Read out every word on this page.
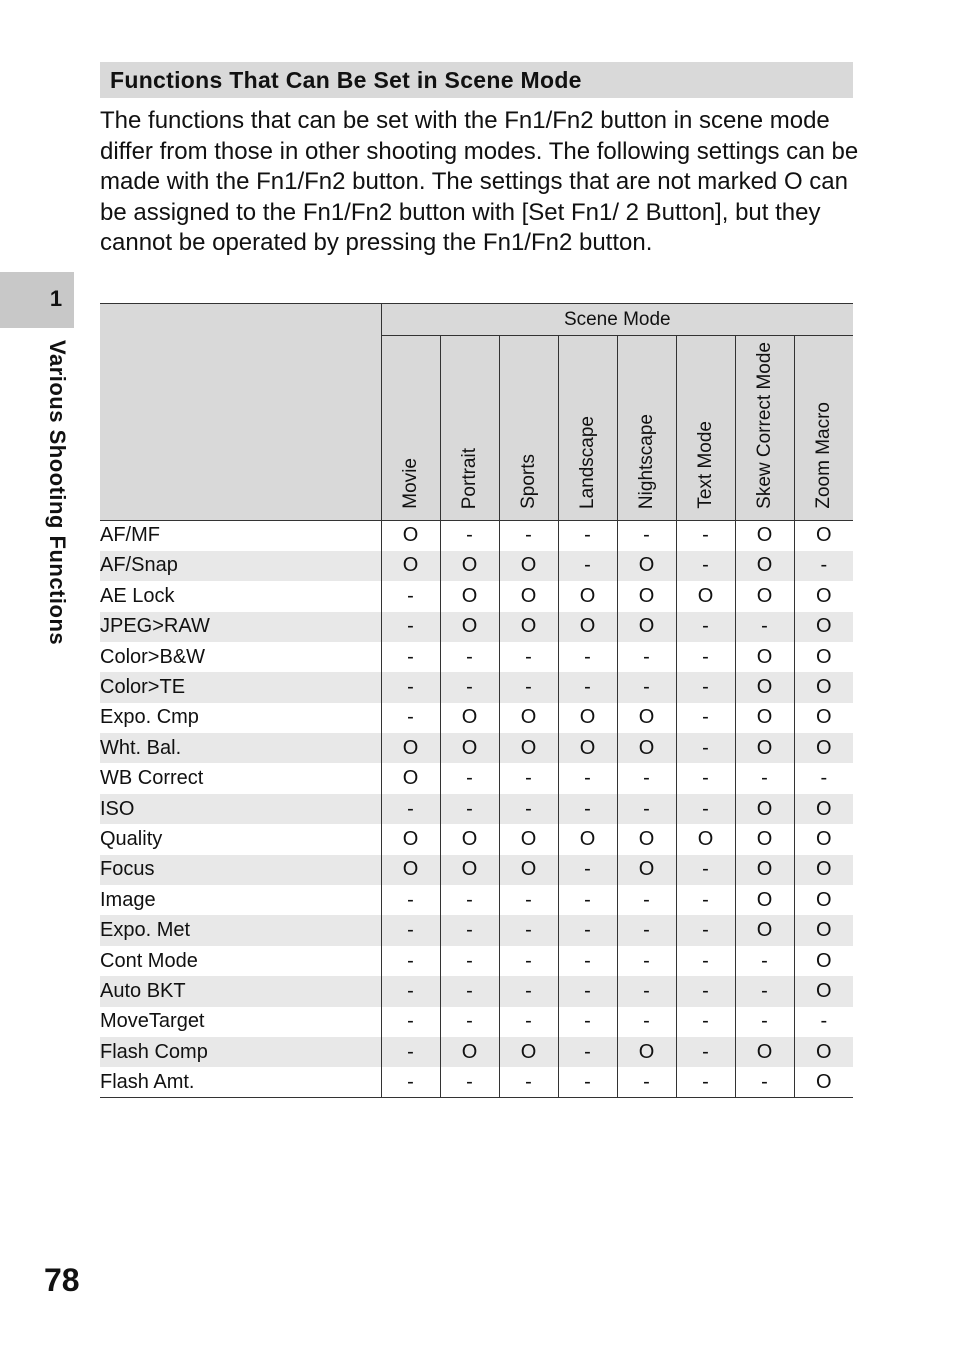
1
Various Shooting Functions
Functions That Can Be Set in Scene Mode

The functions that can be set with the Fn1/Fn2 button in scene mode differ from those in other shooting modes. The following settings can be made with the Fn1/Fn2 button. The settings that are not marked O can be assigned to the Fn1/Fn2 button with [Set Fn1/ 2 Button], but they cannot be operated by pressing the Fn1/Fn2 button.

	Scene Mode							
	Movie	Portrait	Sports	Landscape	Nightscape	Text Mode	Skew Correct Mode	Zoom Macro
AF/MF	O	-	-	-	-	-	O	O
AF/Snap	O	O	O	-	O	-	O	-
AE Lock	-	O	O	O	O	O	O	O
JPEG>RAW	-	O	O	O	O	-	-	O
Color>B&W	-	-	-	-	-	-	O	O
Color>TE	-	-	-	-	-	-	O	O
Expo. Cmp	-	O	O	O	O	-	O	O
Wht. Bal.	O	O	O	O	O	-	O	O
WB Correct	O	-	-	-	-	-	-	-
ISO	-	-	-	-	-	-	O	O
Quality	O	O	O	O	O	O	O	O
Focus	O	O	O	-	O	-	O	O
Image	-	-	-	-	-	-	O	O
Expo. Met	-	-	-	-	-	-	O	O
Cont Mode	-	-	-	-	-	-	-	O
Auto BKT	-	-	-	-	-	-	-	O
MoveTarget	-	-	-	-	-	-	-	-
Flash Comp	-	O	O	-	O	-	O	O
Flash Amt.	-	-	-	-	-	-	-	O
78
